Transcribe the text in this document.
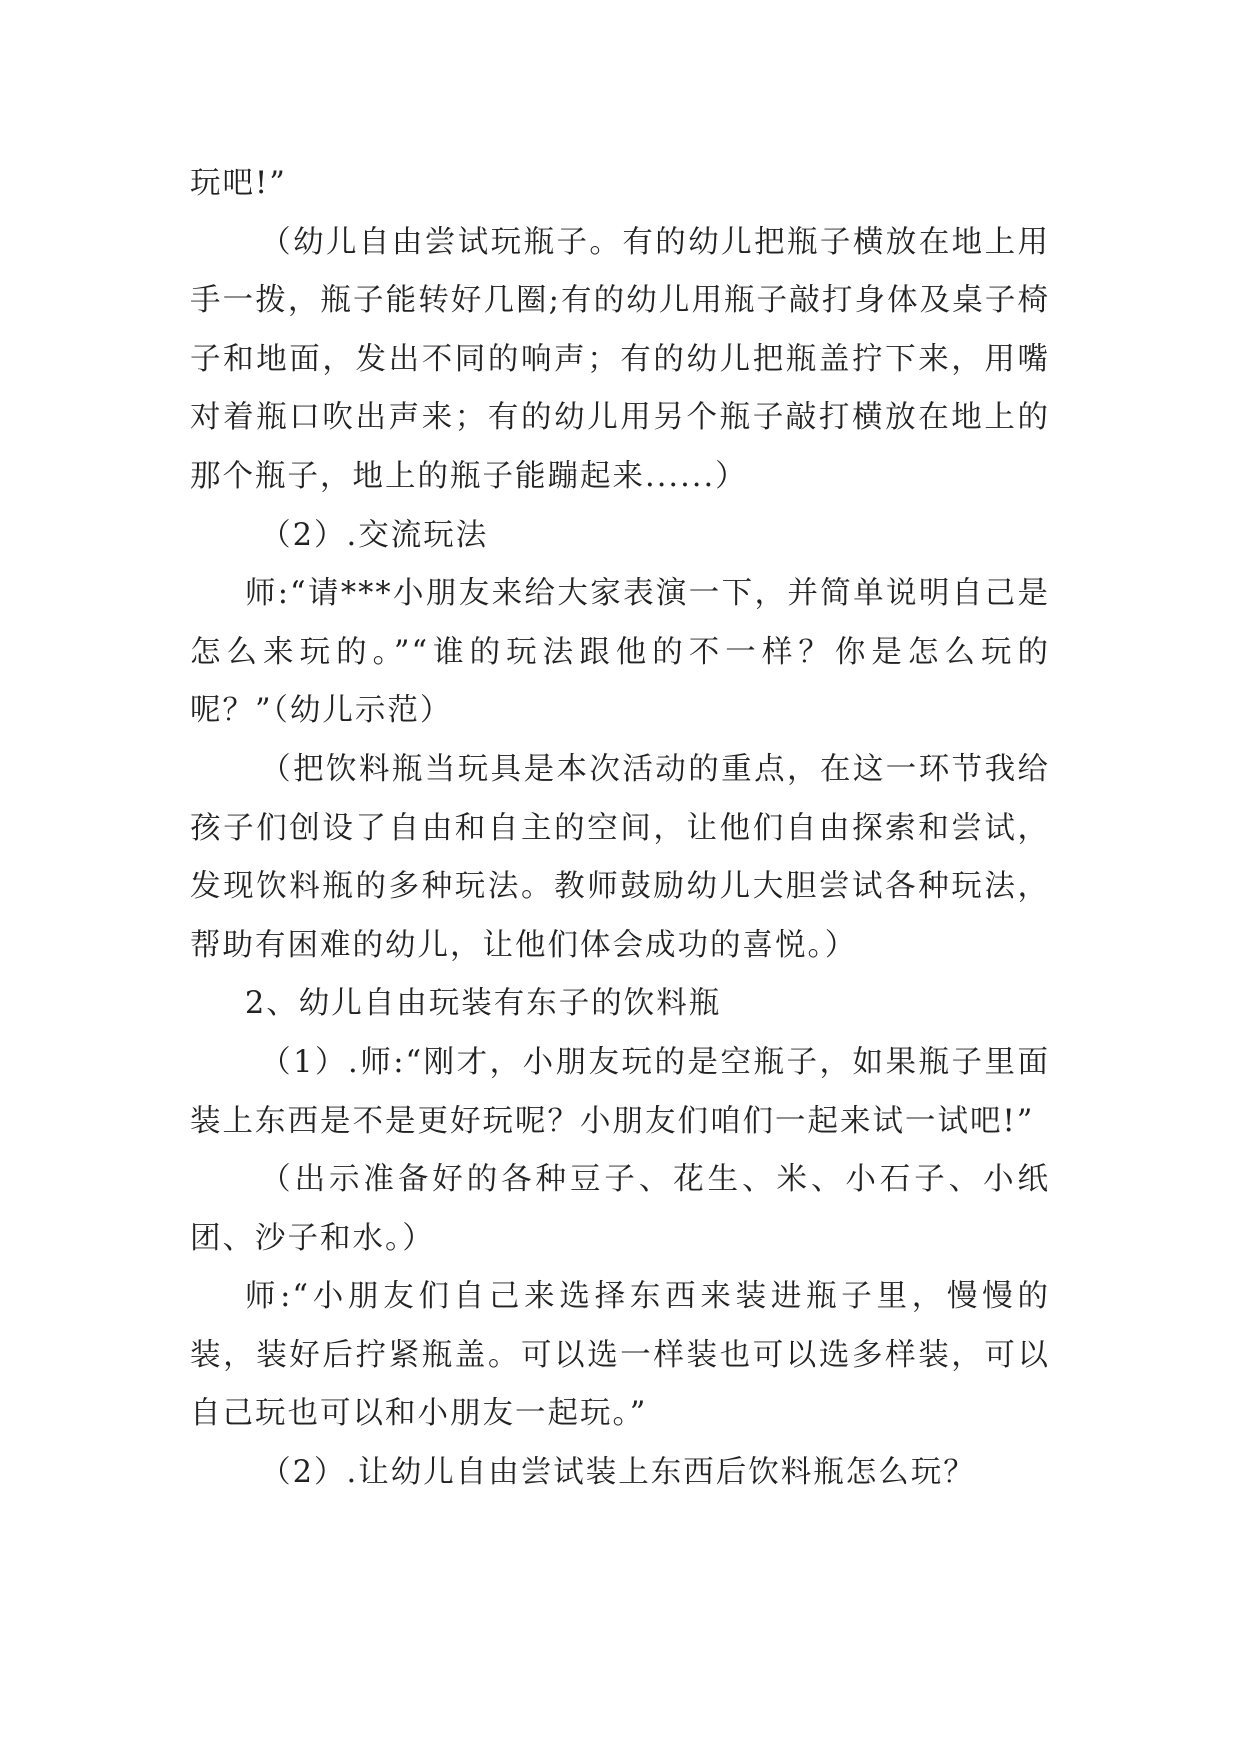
玩吧!”

（幼儿自由尝试玩瓶子。有的幼儿把瓶子横放在地上用手一拨，瓶子能转好几圈;有的幼儿用瓶子敲打身体及桌子椅子和地面，发出不同的响声；有的幼儿把瓶盖拧下来，用嘴对着瓶口吹出声来；有的幼儿用另个瓶子敲打横放在地上的那个瓶子，地上的瓶子能蹦起来......）

（2）.交流玩法

师:“请***小朋友来给大家表演一下，并简单说明自己是怎么来玩的。”“谁的玩法跟他的不一样？你是怎么玩的呢？”（幼儿示范）

（把饮料瓶当玩具是本次活动的重点，在这一环节我给孩子们创设了自由和自主的空间，让他们自由探索和尝试，发现饮料瓶的多种玩法。教师鼓励幼儿大胆尝试各种玩法，帮助有困难的幼儿，让他们体会成功的喜悦。）

2、幼儿自由玩装有东子的饮料瓶

（1）.师:“刚才，小朋友玩的是空瓶子，如果瓶子里面装上东西是不是更好玩呢？小朋友们咱们一起来试一试吧!”

（出示准备好的各种豆子、花生、米、小石子、小纸团、沙子和水。）

师:“小朋友们自己来选择东西来装进瓶子里，慢慢的装，装好后拧紧瓶盖。可以选一样装也可以选多样装，可以自己玩也可以和小朋友一起玩。”

（2）.让幼儿自由尝试装上东西后饮料瓶怎么玩？
